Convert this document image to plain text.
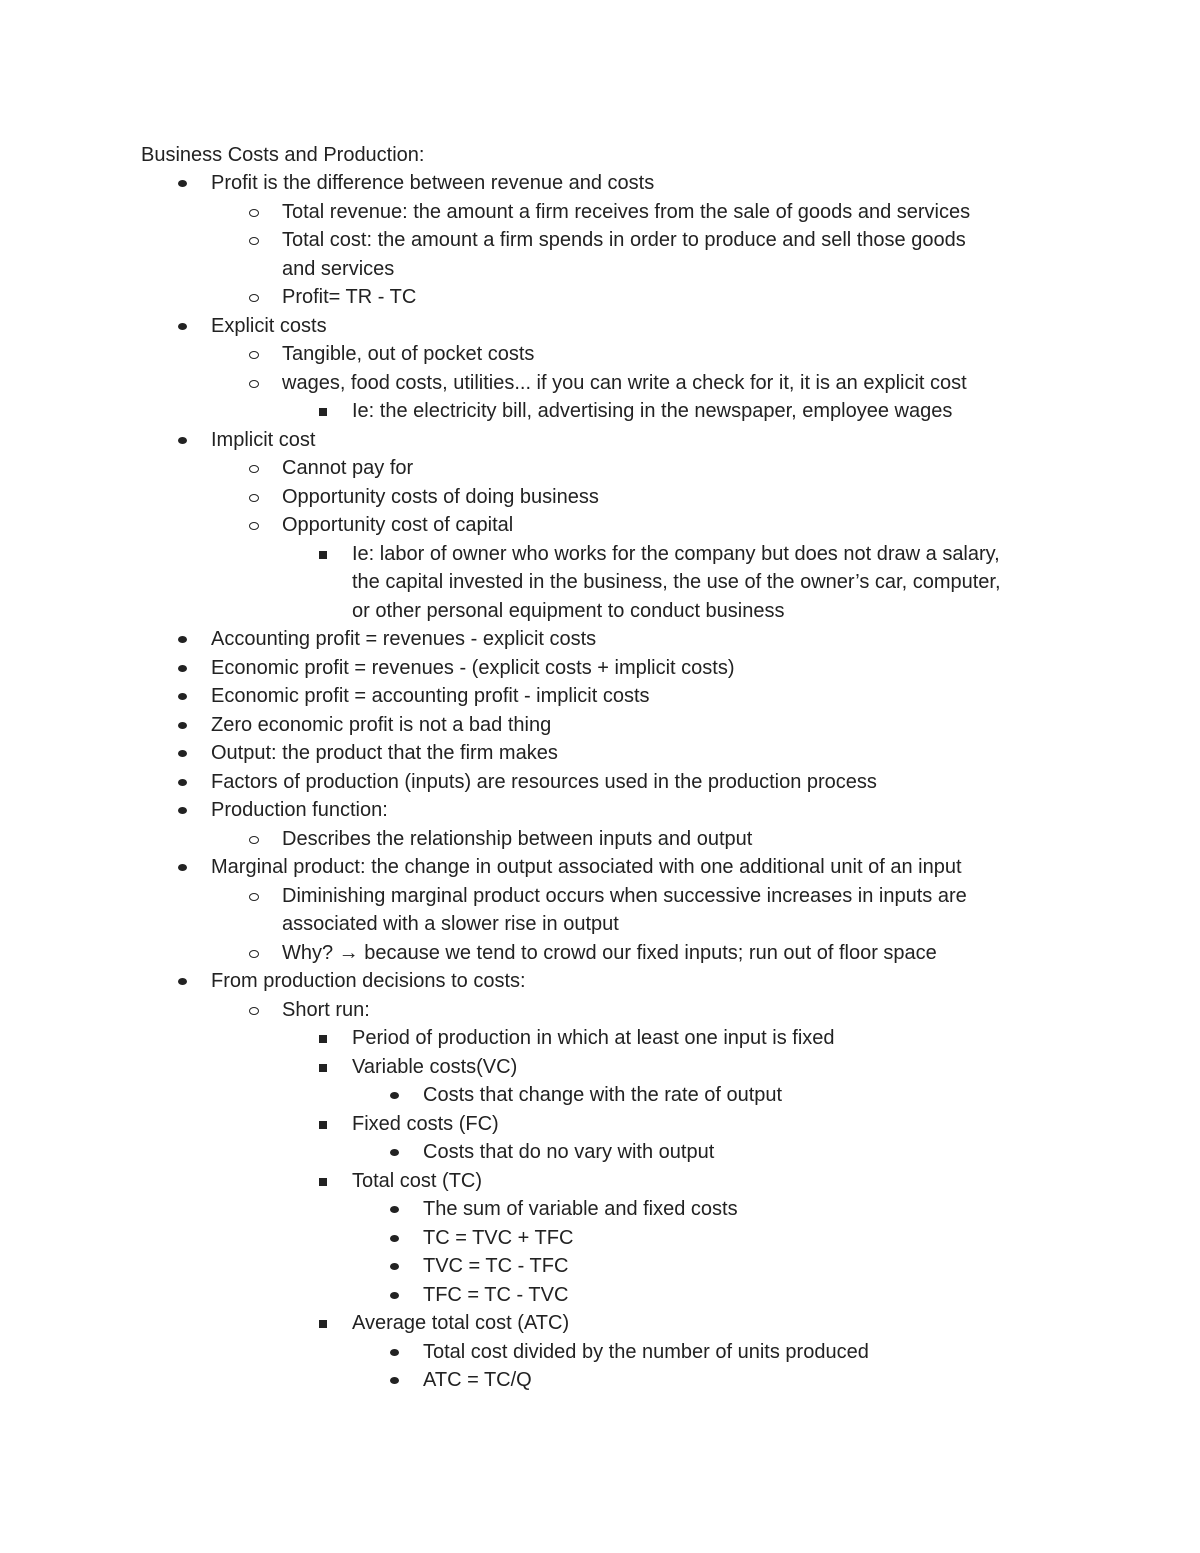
Business Costs and Production:
Profit is the difference between revenue and costs
Total revenue: the amount a firm receives from the sale of goods and services
Total cost: the amount a firm spends in order to produce and sell those goods
and services
Profit= TR - TC
Explicit costs
Tangible, out of pocket costs
wages, food costs, utilities... if you can write a check for it, it is an explicit cost
Ie: the electricity bill, advertising in the newspaper, employee wages
Implicit cost
Cannot pay for
Opportunity costs of doing business
Opportunity cost of capital
Ie: labor of owner who works for the company but does not draw a salary,
the capital invested in the business, the use of the owner’s car, computer,
or other personal equipment to conduct business
Accounting profit = revenues - explicit costs
Economic profit = revenues - (explicit costs + implicit costs)
Economic profit = accounting profit - implicit costs
Zero economic profit is not a bad thing
Output: the product that the firm makes
Factors of production (inputs) are resources used in the production process
Production function:
Describes the relationship between inputs and output
Marginal product: the change in output associated with one additional unit of an input
Diminishing marginal product occurs when successive increases in inputs are
associated with a slower rise in output
Why? → because we tend to crowd our fixed inputs; run out of floor space
From production decisions to costs:
Short run:
Period of production in which at least one input is fixed
Variable costs(VC)
Costs that change with the rate of output
Fixed costs (FC)
Costs that do no vary with output
Total cost (TC)
The sum of variable and fixed costs
TC = TVC + TFC
TVC = TC - TFC
TFC = TC - TVC
Average total cost (ATC)
Total cost divided by the number of units produced
ATC = TC/Q
